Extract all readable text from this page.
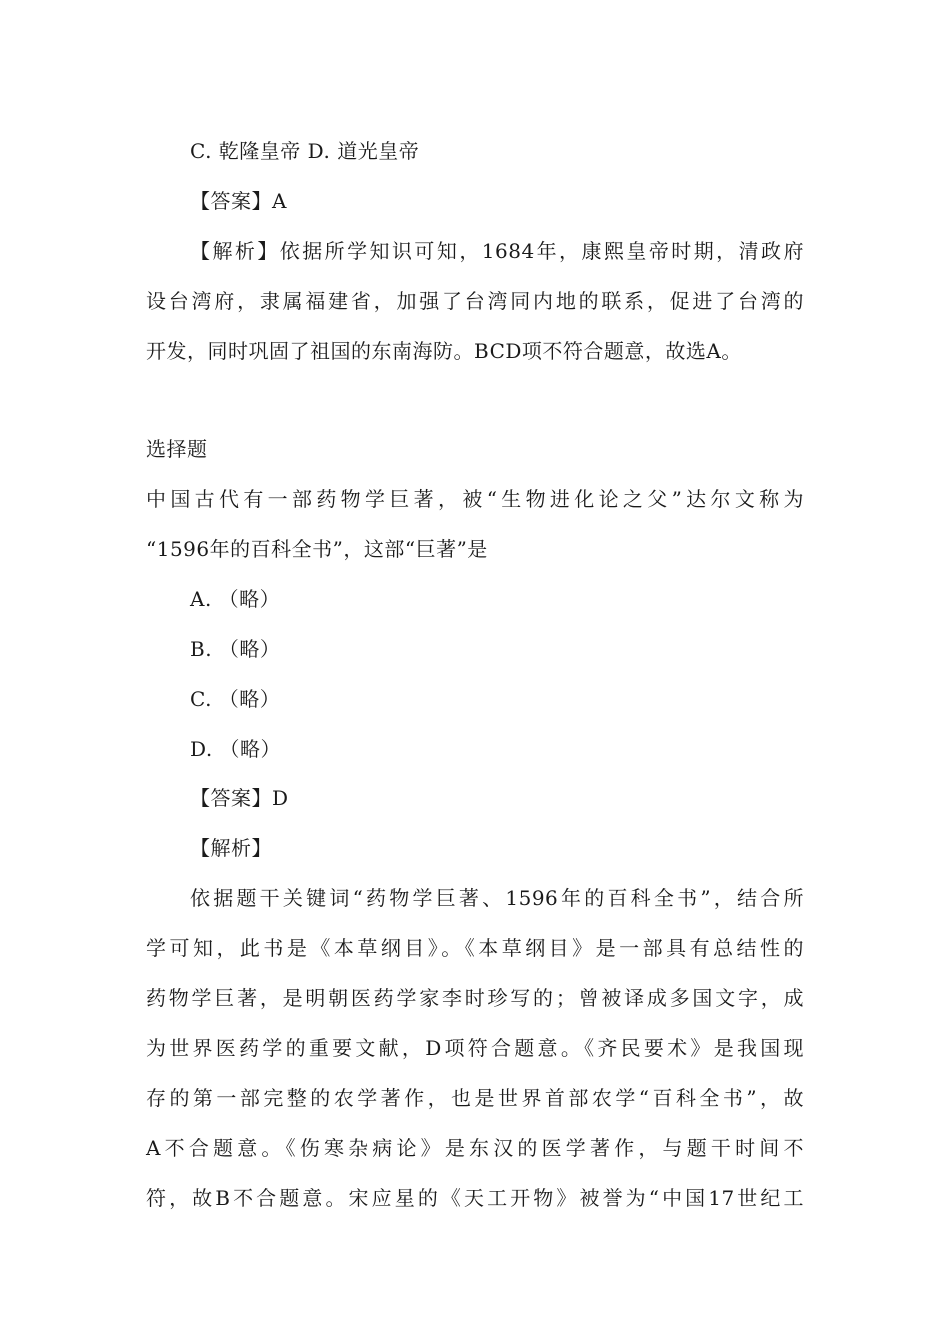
C. 乾隆皇帝 D. 道光皇帝
【答案】A
【解析】依据所学知识可知，1684年，康熙皇帝时期，清政府
设台湾府，隶属福建省，加强了台湾同内地的联系，促进了台湾的
开发，同时巩固了祖国的东南海防。BCD项不符合题意，故选A。
选择题
中国古代有一部药物学巨著，被“生物进化论之父”达尔文称为
“1596年的百科全书”，这部“巨著”是
A. （略）
B. （略）
C. （略）
D. （略）
【答案】D
【解析】
依据题干关键词“药物学巨著、1596年的百科全书”，结合所
学可知，此书是《本草纲目》。《本草纲目》是一部具有总结性的
药物学巨著，是明朝医药学家李时珍写的；曾被译成多国文字，成
为世界医药学的重要文献，D项符合题意。《齐民要术》是我国现
存的第一部完整的农学著作，也是世界首部农学“百科全书”，故
A不合题意。《伤寒杂病论》是东汉的医学著作，与题干时间不
符，故B不合题意。宋应星的《天工开物》被誉为“中国17世纪工
